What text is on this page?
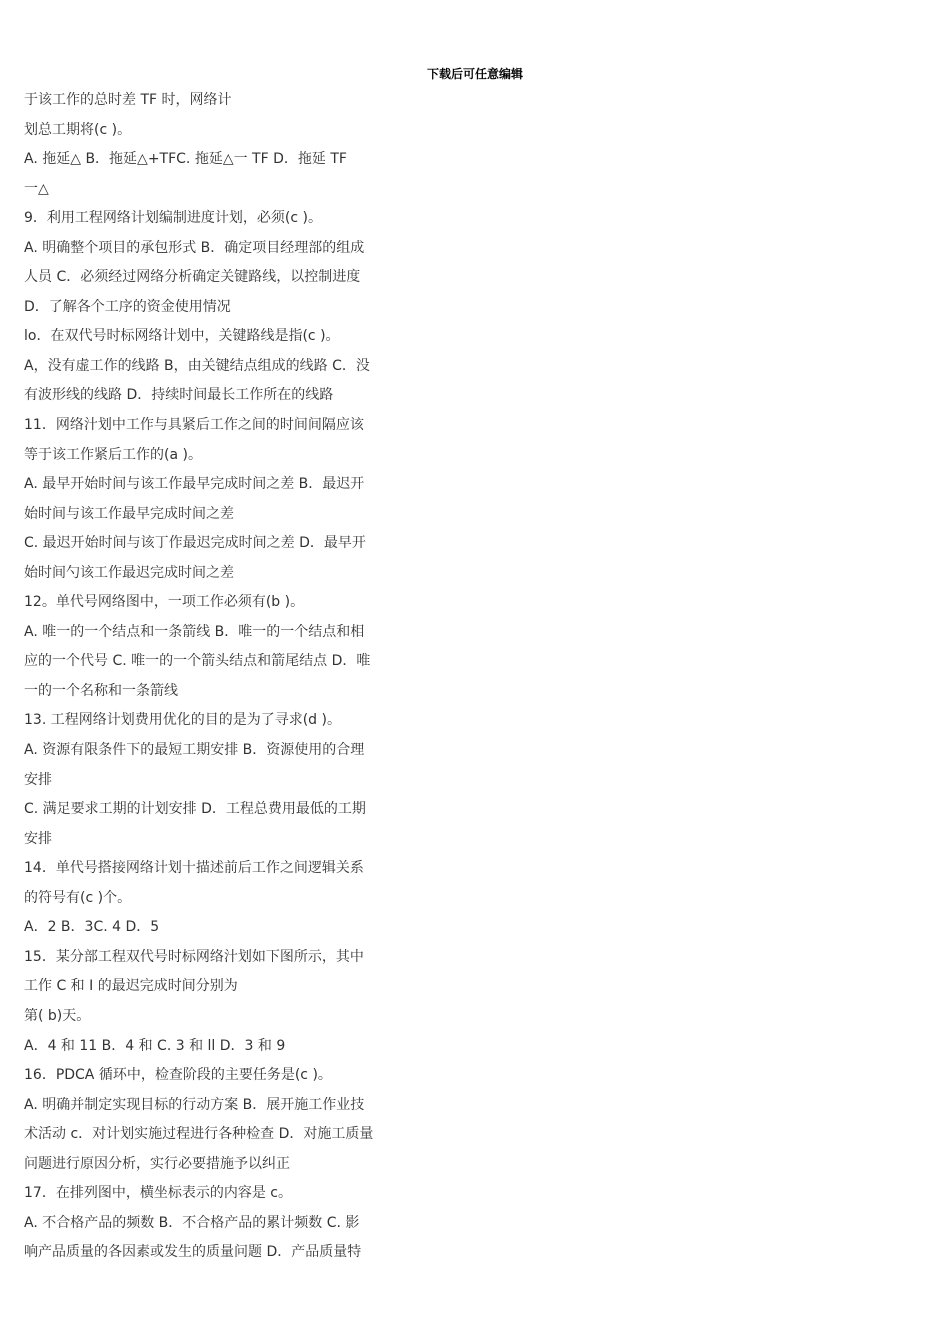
下载后可任意编辑
于该工作的总时差 TF 时，网络计
划总工期将(c )。
A. 拖延△ B．拖延△+TFC. 拖延△一 TF D．拖延 TF
一△
9．利用工程网络计划编制进度计划，必须(c )。
A. 明确整个项目的承包形式 B．确定项目经理部的组成
人员 C．必须经过网络分析确定关键路线，以控制进度
D．了解各个工序的资金使用情况
lo．在双代号时标网络计划中，关键路线是指(c )。
A，没有虚工作的线路 B，由关键结点组成的线路 C．没
有波形线的线路 D．持续时间最长工作所在的线路
11．网络汁划中工作与具紧后工作之间的时间间隔应该
等于该工作紧后工作的(a )。
A. 最早开始时间与该工作最早完成时间之差 B．最迟开
始时间与该工作最早完成时间之差
C. 最迟开始时间与该丁作最迟完成时间之差 D．最早开
始时间勺该工作最迟完成时间之差
12。单代号网络图中，一项工作必须有(b )。
A. 唯一的一个结点和一条箭线 B．唯一的一个结点和相
应的一个代号 C. 唯一的一个箭头结点和箭尾结点 D．唯
一的一个名称和一条箭线
13. 工程网络计划费用优化的目的是为了寻求(d )。
A. 资源有限条件下的最短工期安排 B．资源使用的合理
安排
C. 满足要求工期的计划安排 D．工程总费用最低的工期
安排
14．单代号搭接网络计划十描述前后工作之间逻辑关系
的符号有(c )个。
A．2 B．3C. 4 D．5
15．某分部工程双代号时标网络汁划如下图所示，其中
工作 C 和 I 的最迟完成时间分别为
第( b)天。
A．4 和 11 B．4 和 C. 3 和 ll D．3 和 9
16．PDCA 循环中，检查阶段的主要任务是(c )。
A. 明确并制定实现目标的行动方案 B．展开施工作业技
术活动 c．对计划实施过程进行各种检查 D．对施工质量
问题进行原因分析，实行必要措施予以纠正
17．在排列图中，横坐标表示的内容是 c。
A. 不合格产品的频数 B．不合格产品的累计频数 C. 影
响产品质量的各因素或发生的质量问题 D．产品质量特
